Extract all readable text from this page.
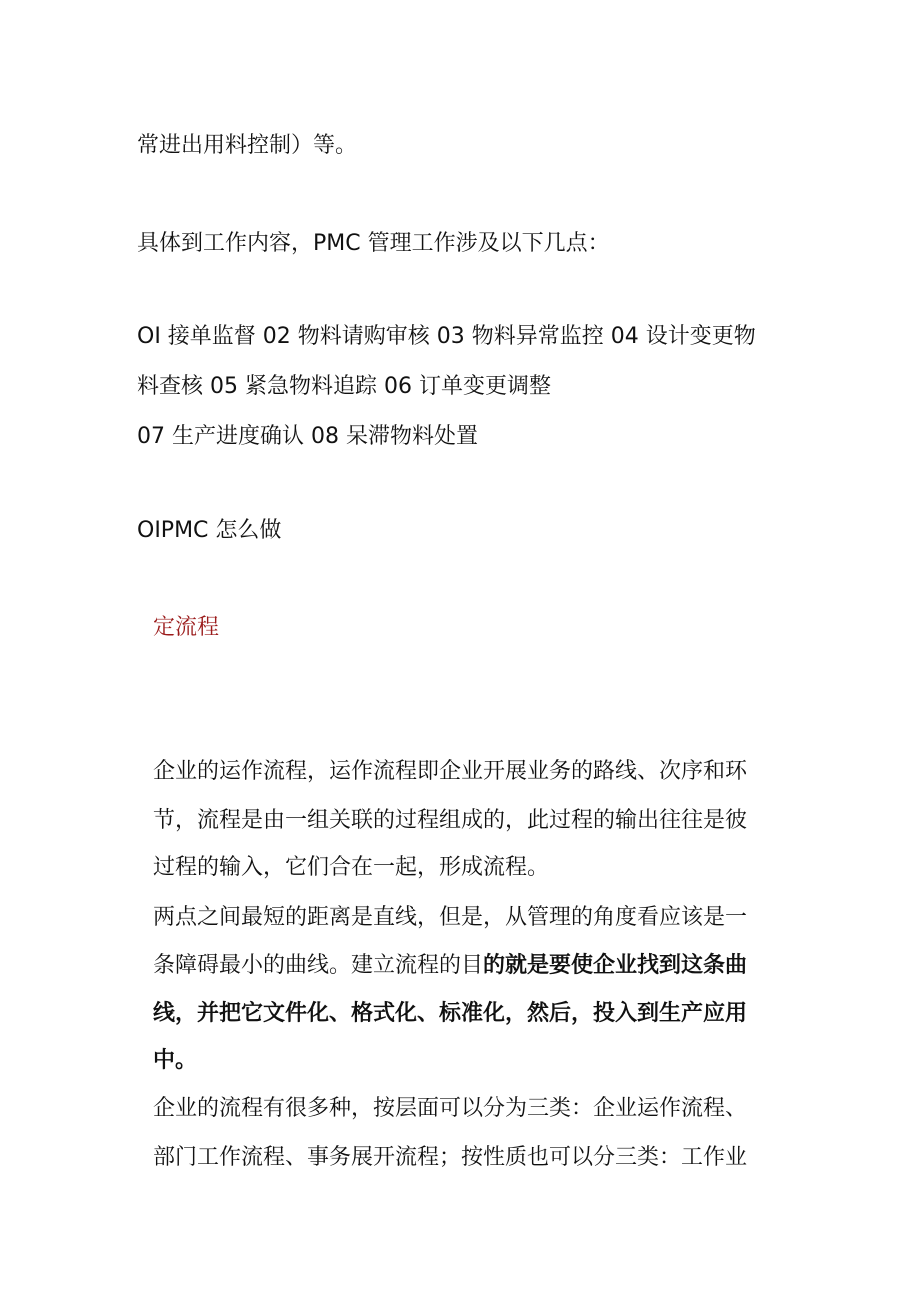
常进出用料控制）等。

具体到工作内容，PMC 管理工作涉及以下几点：

OI 接单监督 02 物料请购审核 03 物料异常监控 04 设计变更物

料查核 05 紧急物料追踪 06 订单变更调整

07 生产进度确认 08 呆滞物料处置

OIPMC 怎么做

定流程

企业的运作流程，运作流程即企业开展业务的路线、次序和环

节，流程是由一组关联的过程组成的，此过程的输出往往是彼

过程的输入，它们合在一起，形成流程。

两点之间最短的距离是直线，但是，从管理的角度看应该是一

条障碍最小的曲线。建立流程的目的就是要使企业找到这条曲

线，并把它文件化、格式化、标准化，然后，投入到生产应用

中。

企业的流程有很多种，按层面可以分为三类：企业运作流程、

部门工作流程、事务展开流程；按性质也可以分三类：工作业
